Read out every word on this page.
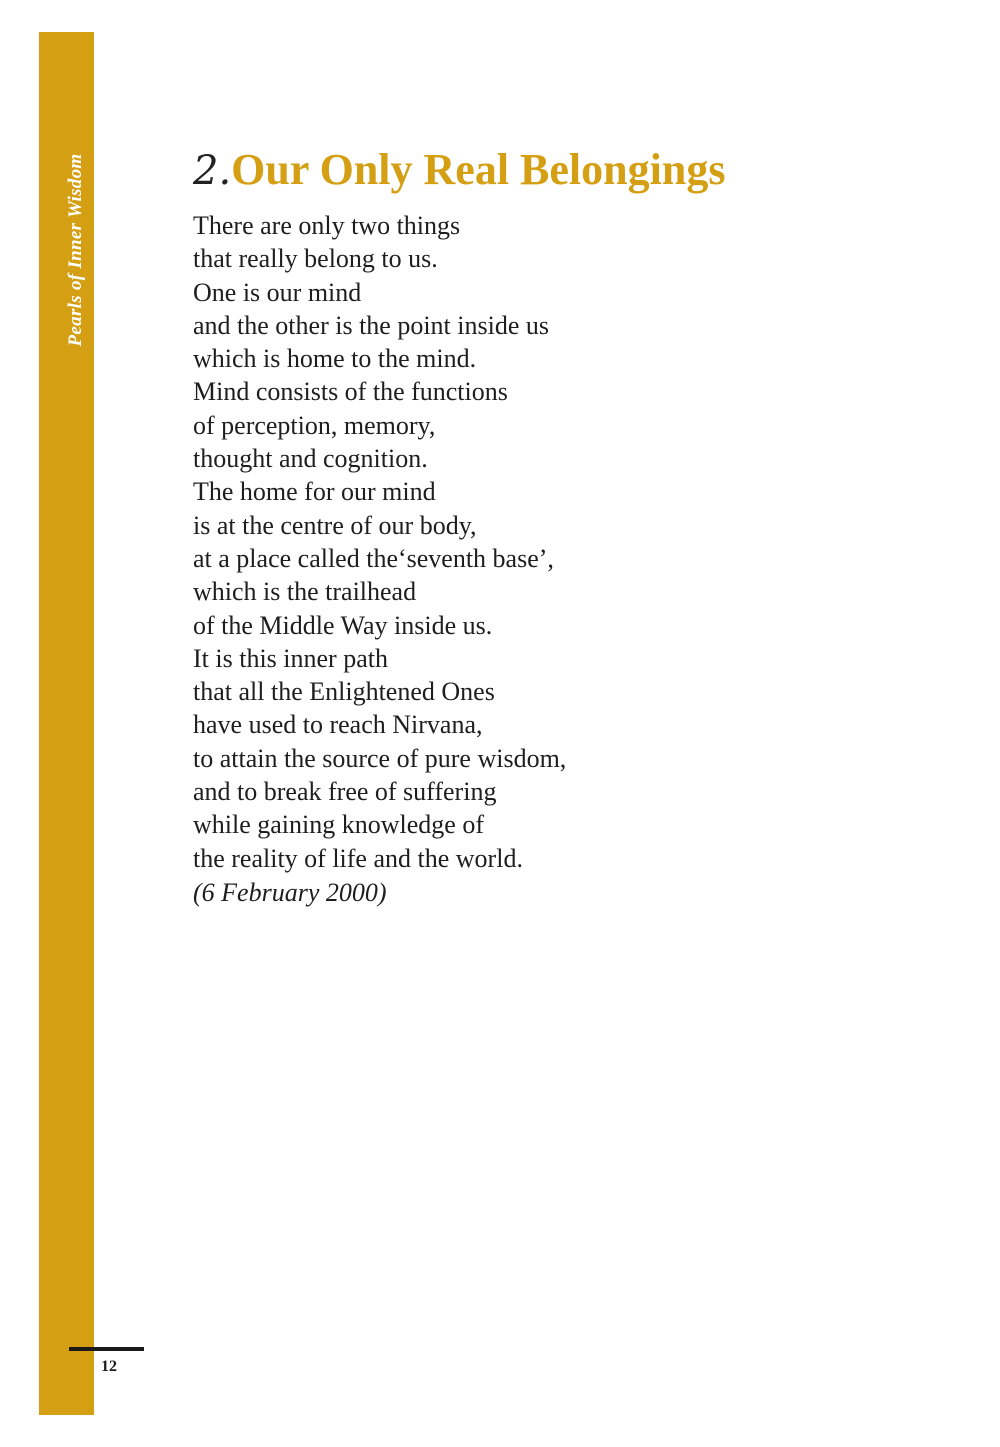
Pearls of Inner Wisdom
12
2.Our Only Real Belongings
There are only two things
that really belong to us.
One is our mind
and the other is the point inside us
which is home to the mind.
Mind consists of the functions
of perception, memory,
thought and cognition.
The home for our mind
is at the centre of our body,
at a place called the‘seventh base’,
which is the trailhead
of the Middle Way inside us.
It is this inner path
that all the Enlightened Ones
have used to reach Nirvana,
to attain the source of pure wisdom,
and to break free of suffering
while gaining knowledge of
the reality of life and the world.
(6 February 2000)
